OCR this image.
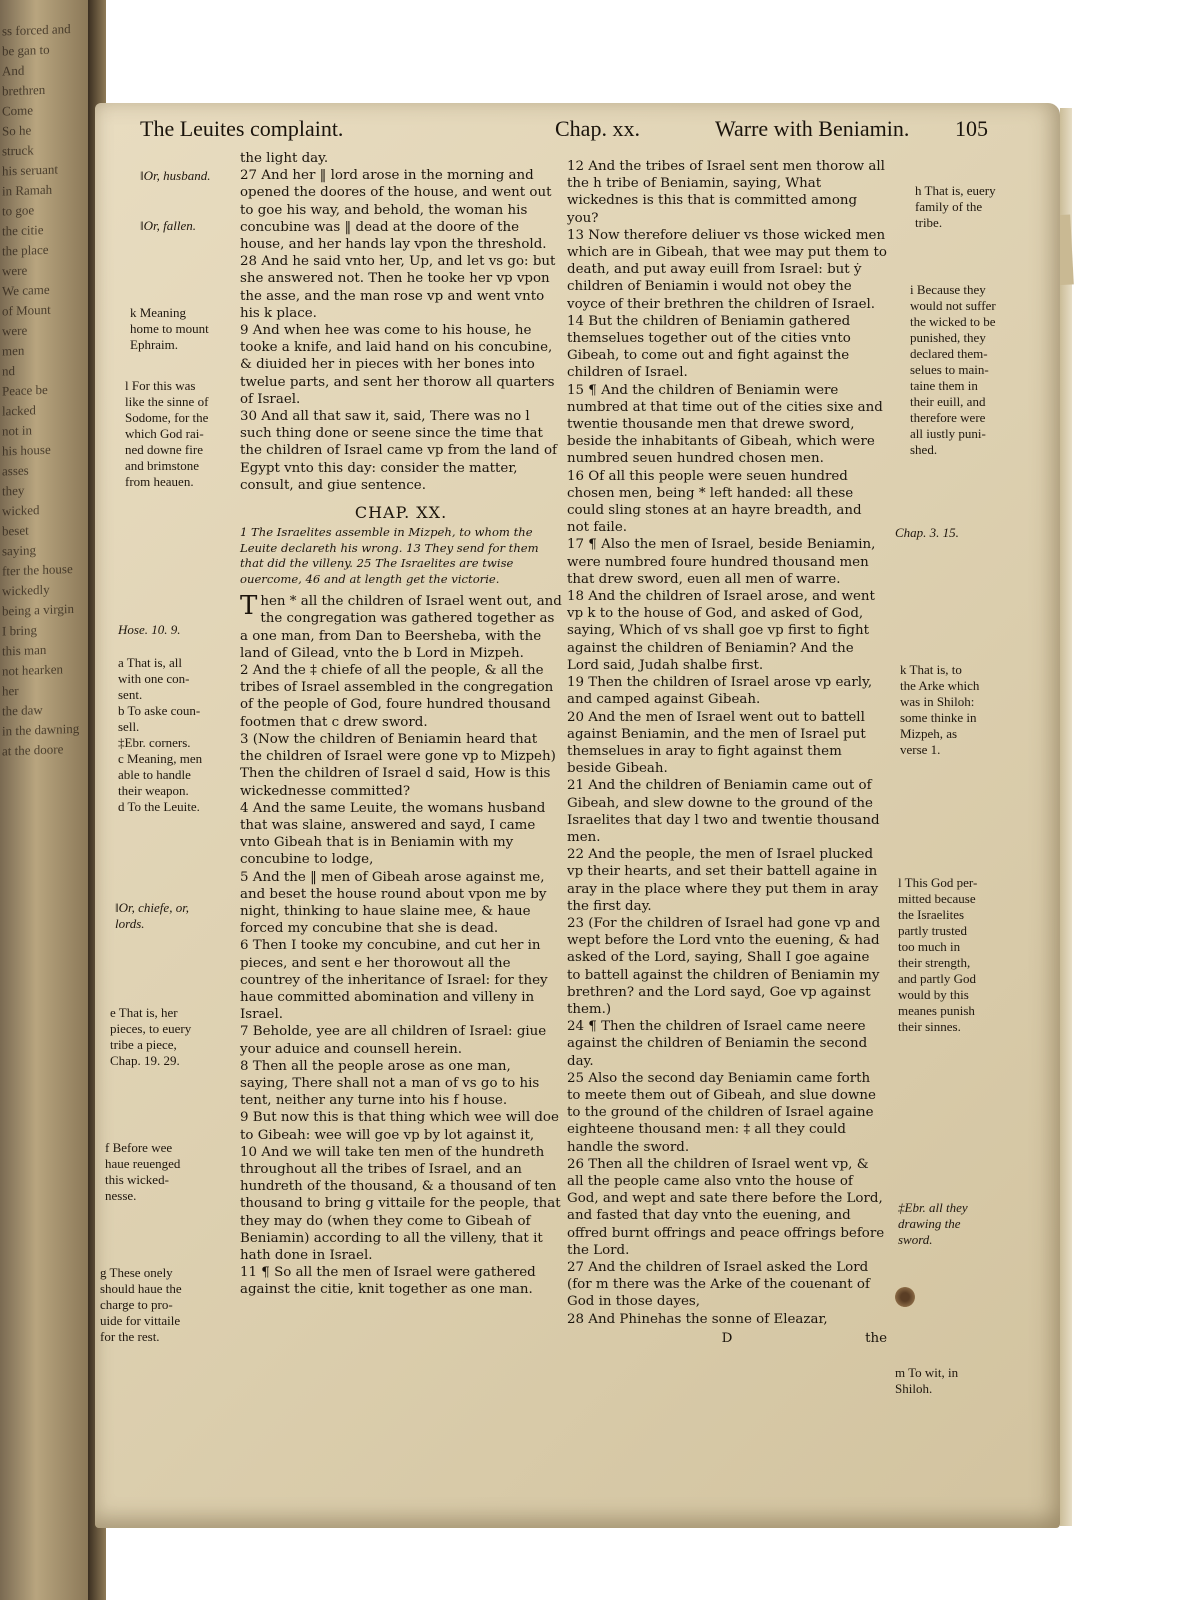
ss forced and
be gan to
And
brethren
Come
So he
struck
his seruant
in Ramah
to goe
the citie
the place
were
We came
of Mount
were
men
nd
Peace be
lacked
not in
his house
asses
they
wicked
beset
saying
fter the house
wickedly
being a virgin
I bring
this man
not hearken
her
the daw
in the dawning
at the doore
The Leuites complaint.	Chap. xx.	Warre with Beniamin. 105
‖Or, husband.
‖Or, fallen.
k Meaning
home to mount
Ephraim.
l For this was
like the sinne of
Sodome, for the
which God rai-
ned downe fire
and brimstone
from heauen.
Hose. 10. 9.
a That is, all
with one con-
sent.
b To aske coun-
sell.
‡Ebr. corners.
c Meaning, men
able to handle
their weapon.
d To the Leuite.
‖Or, chiefe, or,
lords.
e That is, her
pieces, to euery
tribe a piece,
Chap. 19. 29.
f Before wee
haue reuenged
this wicked-
nesse.
g These onely
should haue the
charge to pro-
uide for vittaile
for the rest.
h That is, euery
family of the
tribe.
i Because they
would not suffer
the wicked to be
punished, they
declared them-
selues to main-
taine them in
their euill, and
therefore were
all iustly puni-
shed.
Chap. 3. 15.
k That is, to
the Arke which
was in Shiloh:
some thinke in
Mizpeh, as
verse 1.
l This God per-
mitted because
the Israelites
partly trusted
too much in
their strength,
and partly God
would by this
meanes punish
their sinnes.
‡Ebr. all they
drawing the
sword.
m To wit, in
Shiloh.

the light day.

27 And her ‖ lord arose in the morning and opened the doores of the house, and went out to goe his way, and behold, the woman his concubine was ‖ dead at the doore of the house, and her hands lay vpon the threshold.

28 And he said vnto her, Up, and let vs go: but she answered not. Then he tooke her vp vpon the asse, and the man rose vp and went vnto his k place.

9 And when hee was come to his house, he tooke a knife, and laid hand on his concubine, & diuided her in pieces with her bones into twelue parts, and sent her thorow all quarters of Israel.

30 And all that saw it, said, There was no l such thing done or seene since the time that the children of Israel came vp from the land of Egypt vnto this day: consider the matter, consult, and giue sentence.

CHAP. XX.

1 The Israelites assemble in Mizpeh, to whom the Leuite declareth his wrong. 13 They send for them that did the villeny. 25 The Israelites are twise ouercome, 46 and at length get the victorie.

Then * all the children of Israel went out, and the congregation was gathered together as a one man, from Dan to Beersheba, with the land of Gilead, vnto the b Lord in Mizpeh.

2 And the ‡ chiefe of all the people, & all the tribes of Israel assembled in the congregation of the people of God, foure hundred thousand footmen that c drew sword.

3 (Now the children of Beniamin heard that the children of Israel were gone vp to Mizpeh) Then the children of Israel d said, How is this wickednesse committed?

4 And the same Leuite, the womans husband that was slaine, answered and sayd, I came vnto Gibeah that is in Beniamin with my concubine to lodge,

5 And the ‖ men of Gibeah arose against me, and beset the house round about vpon me by night, thinking to haue slaine mee, & haue forced my concubine that she is dead.

6 Then I tooke my concubine, and cut her in pieces, and sent e her thorowout all the countrey of the inheritance of Israel: for they haue committed abomination and villeny in Israel.

7 Beholde, yee are all children of Israel: giue your aduice and counsell herein.

8 Then all the people arose as one man, saying, There shall not a man of vs go to his tent, neither any turne into his f house.

9 But now this is that thing which wee will doe to Gibeah: wee will goe vp by lot against it,

10 And we will take ten men of the hundreth throughout all the tribes of Israel, and an hundreth of the thousand, & a thousand of ten thousand to bring g vittaile for the people, that they may do (when they come to Gibeah of Beniamin) according to all the villeny, that it hath done in Israel.

11 ¶ So all the men of Israel were gathered against the citie, knit together as one man.

12 And the tribes of Israel sent men thorow all the h tribe of Beniamin, saying, What wickednes is this that is committed among you?

13 Now therefore deliuer vs those wicked men which are in Gibeah, that wee may put them to death, and put away euill from Israel: but ẏ children of Beniamin i would not obey the voyce of their brethren the children of Israel.

14 But the children of Beniamin gathered themselues together out of the cities vnto Gibeah, to come out and fight against the children of Israel.

15 ¶ And the children of Beniamin were numbred at that time out of the cities sixe and twentie thousande men that drewe sword, beside the inhabitants of Gibeah, which were numbred seuen hundred chosen men.

16 Of all this people were seuen hundred chosen men, being * left handed: all these could sling stones at an hayre breadth, and not faile.

17 ¶ Also the men of Israel, beside Beniamin, were numbred foure hundred thousand men that drew sword, euen all men of warre.

18 And the children of Israel arose, and went vp k to the house of God, and asked of God, saying, Which of vs shall goe vp first to fight against the children of Beniamin? And the Lord said, Judah shalbe first.

19 Then the children of Israel arose vp early, and camped against Gibeah.

20 And the men of Israel went out to battell against Beniamin, and the men of Israel put themselues in aray to fight against them beside Gibeah.

21 And the children of Beniamin came out of Gibeah, and slew downe to the ground of the Israelites that day l two and twentie thousand men.

22 And the people, the men of Israel plucked vp their hearts, and set their battell againe in aray in the place where they put them in aray the first day.

23 (For the children of Israel had gone vp and wept before the Lord vnto the euening, & had asked of the Lord, saying, Shall I goe againe to battell against the children of Beniamin my brethren? and the Lord sayd, Goe vp against them.)

24 ¶ Then the children of Israel came neere against the children of Beniamin the second day.

25 Also the second day Beniamin came forth to meete them out of Gibeah, and slue downe to the ground of the children of Israel againe eighteene thousand men: ‡ all they could handle the sword.

26 Then all the children of Israel went vp, & all the people came also vnto the house of God, and wept and sate there before the Lord, and fasted that day vnto the euening, and offred burnt offrings and peace offrings before the Lord.

27 And the children of Israel asked the Lord (for m there was the Arke of the couenant of God in those dayes,

28 And Phinehas the sonne of Eleazar,

D	the
